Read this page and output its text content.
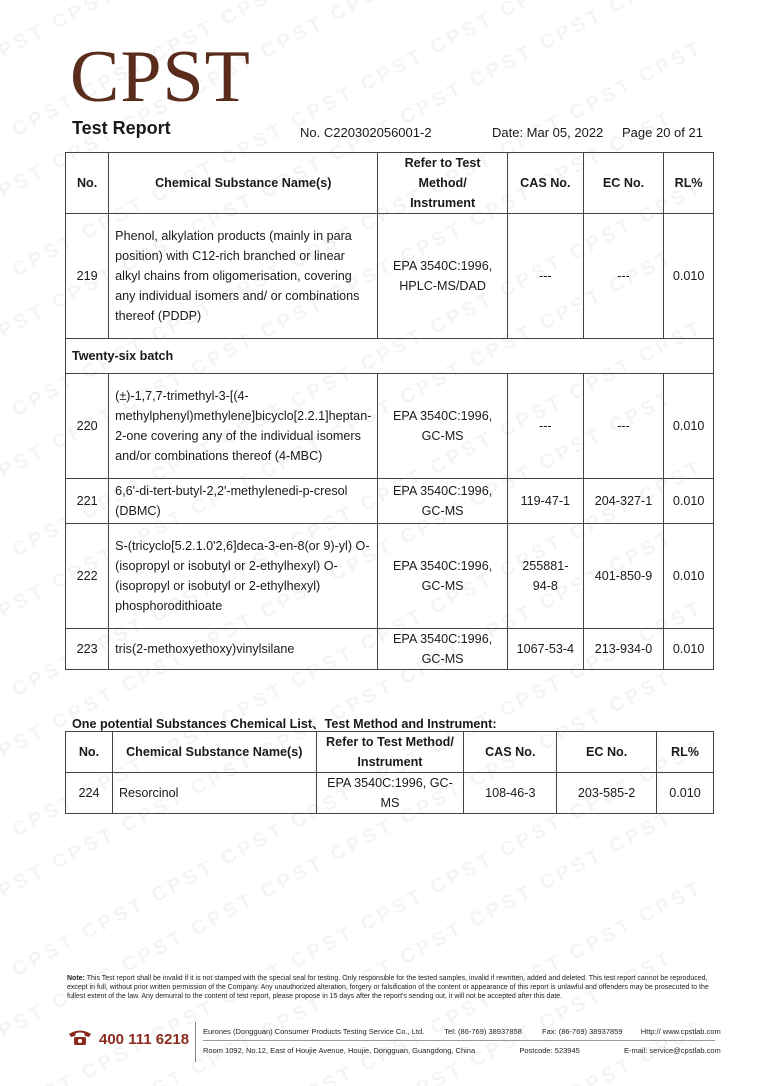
CPST
Test Report	No. C220302056001-2	Date: Mar 05, 2022 Page 20 of 21
No.	Chemical Substance Name(s)	Refer to Test Method/ Instrument	CAS No.	EC No.	RL%
219	Phenol, alkylation products (mainly in para position) with C12-rich branched or linear alkyl chains from oligomerisation, covering any individual isomers and/ or combinations thereof (PDDP)	EPA 3540C:1996, HPLC-MS/DAD	---	---	0.010
Twenty-six batch					
220	(±)-1,7,7-trimethyl-3-[(4-methylphenyl)methylene]bicyclo[2.2.1]heptan-2-one covering any of the individual isomers and/or combinations thereof (4-MBC)	EPA 3540C:1996, GC-MS	---	---	0.010
221	6,6'-di-tert-butyl-2,2'-methylenedi-p-cresol (DBMC)	EPA 3540C:1996, GC-MS	119-47-1	204-327-1	0.010
222	S-(tricyclo[5.2.1.0'2,6]deca-3-en-8(or 9)-yl) O-(isopropyl or isobutyl or 2-ethylhexyl) O-(isopropyl or isobutyl or 2-ethylhexyl) phosphorodithioate	EPA 3540C:1996, GC-MS	255881-94-8	401-850-9	0.010
223	tris(2-methoxyethoxy)vinylsilane	EPA 3540C:1996, GC-MS	1067-53-4	213-934-0	0.010
One potential Substances Chemical List、Test Method and Instrument:
No.	Chemical Substance Name(s)	Refer to Test Method/ Instrument	CAS No.	EC No.	RL%
224	Resorcinol	EPA 3540C:1996, GC-MS	108-46-3	203-585-2	0.010
Note: This Test report shall be invalid if it is not stamped with the special seal for testing. Only responsible for the tested samples, invalid if rewritten, added and deleted. This test report cannot be reproduced, except in full, without prior written permission of the Company. Any unauthorized alteration, forgery or falsification of the content or appearance of this report is unlawful and offenders may be prosecuted to the fullest extent of the law. Any demurral to the content of test report, please propose in 15 days after the report's sending out, it will not be accepted after this date.
400 111 6218 Eurones (Dongguan) Consumer Products Testing Service Co., Ltd.	Tel: (86-769) 38937858	Fax: (86-769) 38937859 Http:// www.cpstlab.com
Room 1092, No.12, East of Houjie Avenue, Houjie, Dongguan, Guangdong, China	Postcode: 523945	E-mail: service@cpstlab.com
